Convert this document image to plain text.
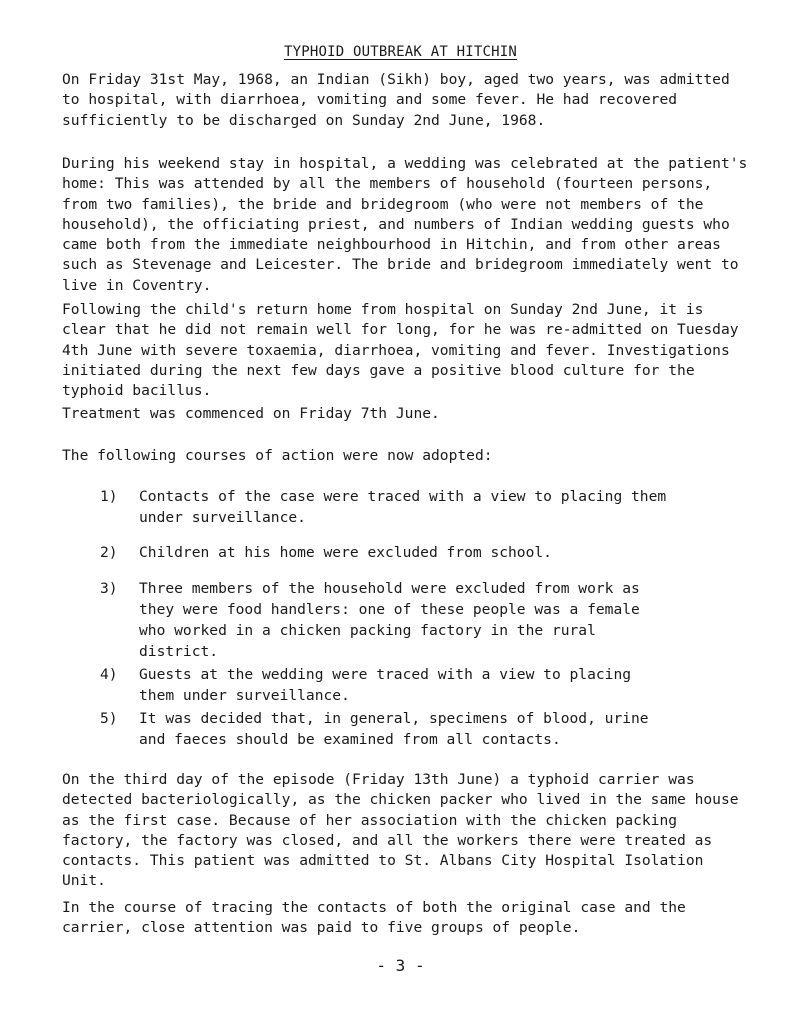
TYPHOID OUTBREAK AT HITCHIN
On Friday 31st May, 1968, an Indian (Sikh) boy, aged two years, was admitted to hospital, with diarrhoea, vomiting and some fever. He had recovered sufficiently to be discharged on Sunday 2nd June, 1968.
During his weekend stay in hospital, a wedding was celebrated at the patient's home: This was attended by all the members of household (fourteen persons, from two families), the bride and bridegroom (who were not members of the household), the officiating priest, and numbers of Indian wedding guests who came both from the immediate neighbourhood in Hitchin, and from other areas such as Stevenage and Leicester. The bride and bridegroom immediately went to live in Coventry.
Following the child's return home from hospital on Sunday 2nd June, it is clear that he did not remain well for long, for he was re-admitted on Tuesday 4th June with severe toxaemia, diarrhoea, vomiting and fever. Investigations initiated during the next few days gave a positive blood culture for the typhoid bacillus.
Treatment was commenced on Friday 7th June.
The following courses of action were now adopted:
1)	Contacts of the case were traced with a view to placing them under surveillance.
2)	Children at his home were excluded from school.
3)	Three members of the household were excluded from work as they were food handlers: one of these people was a female who worked in a chicken packing factory in the rural district.
4)	Guests at the wedding were traced with a view to placing them under surveillance.
5)	It was decided that, in general, specimens of blood, urine and faeces should be examined from all contacts.
On the third day of the episode (Friday 13th June) a typhoid carrier was detected bacteriologically, as the chicken packer who lived in the same house as the first case. Because of her association with the chicken packing factory, the factory was closed, and all the workers there were treated as contacts. This patient was admitted to St. Albans City Hospital Isolation Unit.
In the course of tracing the contacts of both the original case and the carrier, close attention was paid to five groups of people.
- 3 -
